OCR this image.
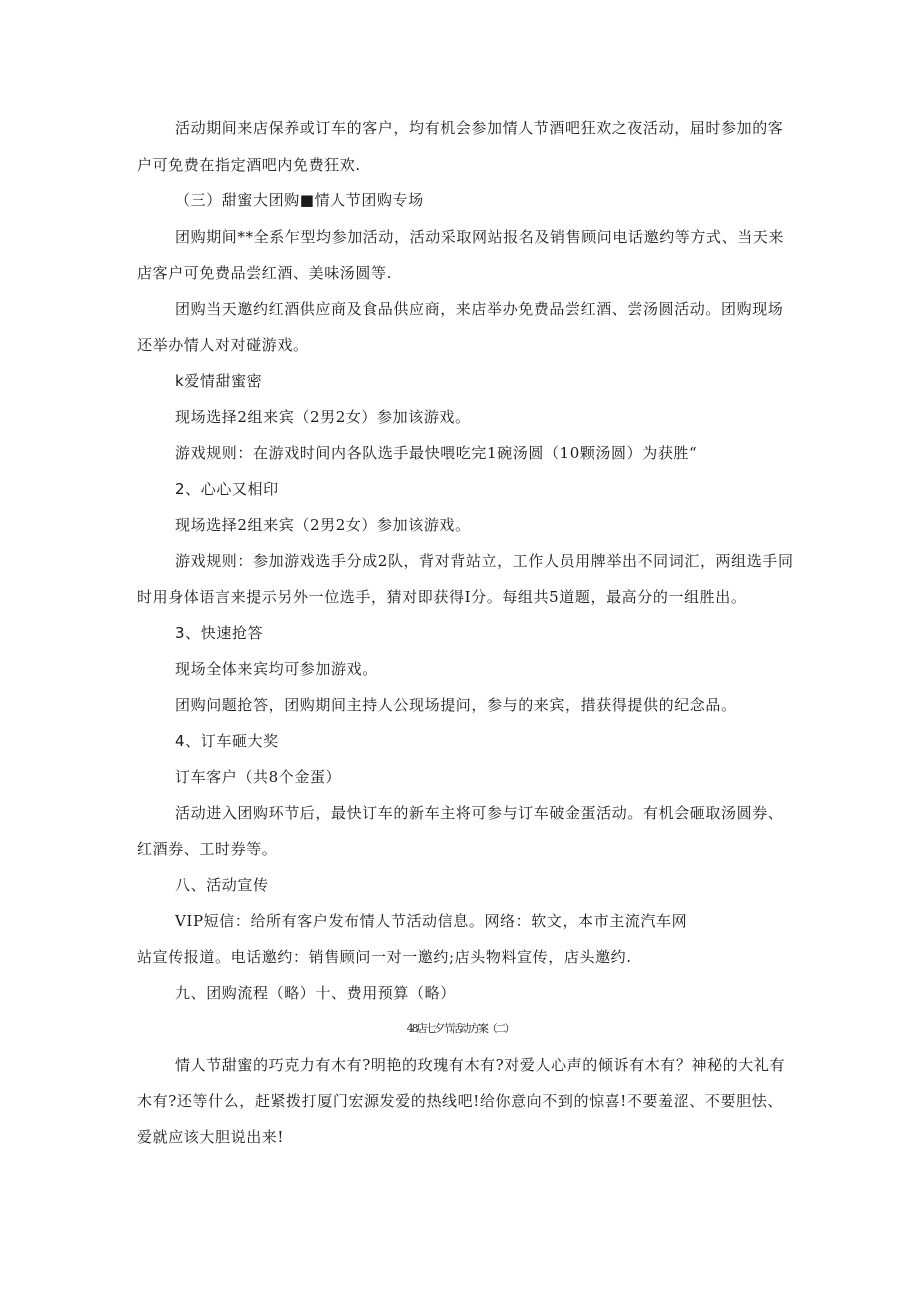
活动期间来店保养或订车的客户，均有机会参加情人节酒吧狂欢之夜活动，届时参加的客
户可免费在指定酒吧内免费狂欢.
（三）甜蜜大团购■情人节团购专场
团购期间**全系乍型均参加活动，活动采取网站报名及销售顾问电话邀约等方式、当天来
店客户可免费品尝红酒、美味汤圆等.
团购当天邀约红酒供应商及食品供应商，来店举办免费品尝红酒、尝汤圆活动。团购现场
还举办情人对对碰游戏。
k爱情甜蜜密
现场选择2组来宾（2男2女）参加该游戏。
游戏规则：在游戏时间内各队选手最快喂吃完1碗汤圆（10颗汤圆）为获胜“
2、心心又相印
现场选择2组来宾（2男2女）参加该游戏。
游戏规则：参加游戏选手分成2队，背对背站立，工作人员用牌举出不同词汇，两组选手同
时用身体语言来提示另外一位选手，猜对即获得I分。每组共5道题，最高分的一组胜出。
3、快速抢答
现场全体来宾均可参加游戏。
团购问题抢答，团购期间主持人公现场提问，参与的来宾，措获得提供的纪念品。
4、订车砸大奖
订车客户（共8个金蛋）
活动进入团购环节后，最快订车的新车主将可参与订车破金蛋活动。有机会砸取汤圆券、
红酒券、工时券等。
八、活动宣传
VIP短信：给所有客户发布情人节活动信息。网络：软文，本市主流汽车网
站宣传报道。电话邀约：销售顾问一对一邀约;店头物料宣传，店头邀约.
九、团购流程（略）十、费用预算（略）
48店七夕节活动方案（二）
情人节甜蜜的巧克力有木有?明艳的玫瑰有木有?对爱人心声的倾诉有木有？神秘的大礼有
木有?还等什么，赶紧拨打厦门宏源发爱的热线吧!给你意向不到的惊喜!不要羞涩、不要胆怯、
爱就应该大胆说出来!
